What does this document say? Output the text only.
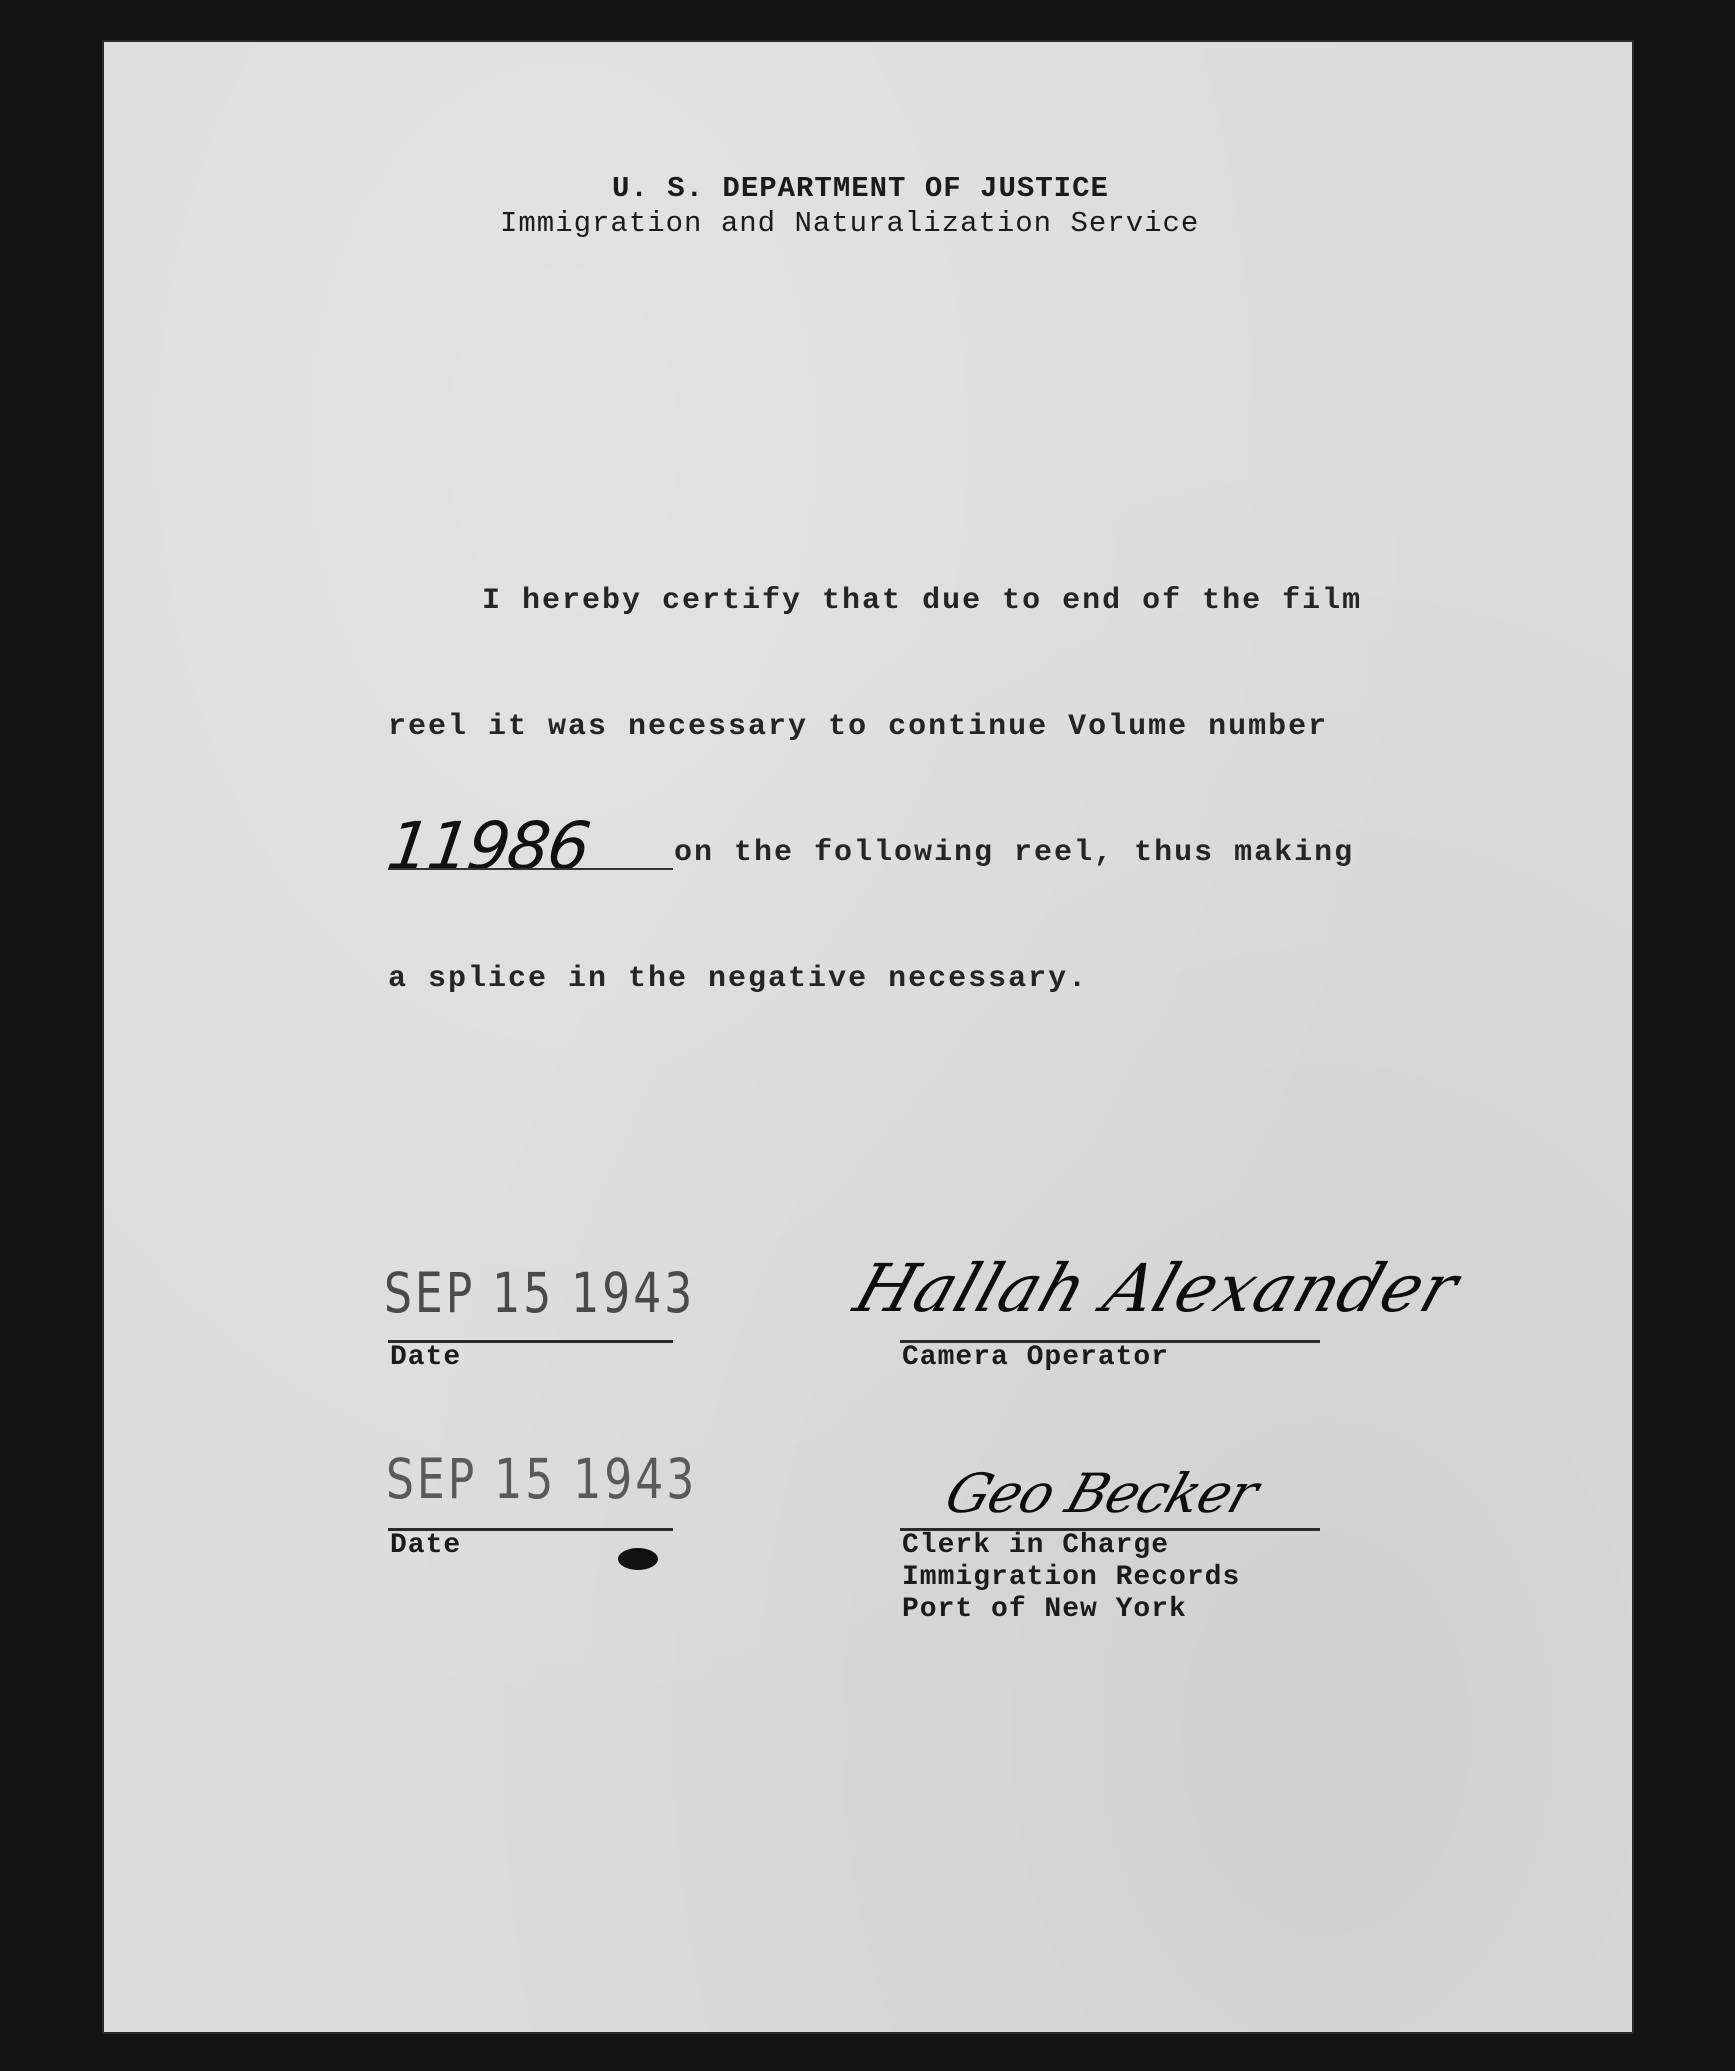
U. S. DEPARTMENT OF JUSTICE
Immigration and Naturalization Service
I hereby certify that due to end of the film
reel it was necessary to continue Volume number
11986	on the following reel, thus making
a splice in the negative necessary.
SEP 15 1943
Date
Hallah Alexander
Camera Operator
SEP 15 1943
Date
Geo Becker
Clerk in Charge
Immigration Records
Port of New York
